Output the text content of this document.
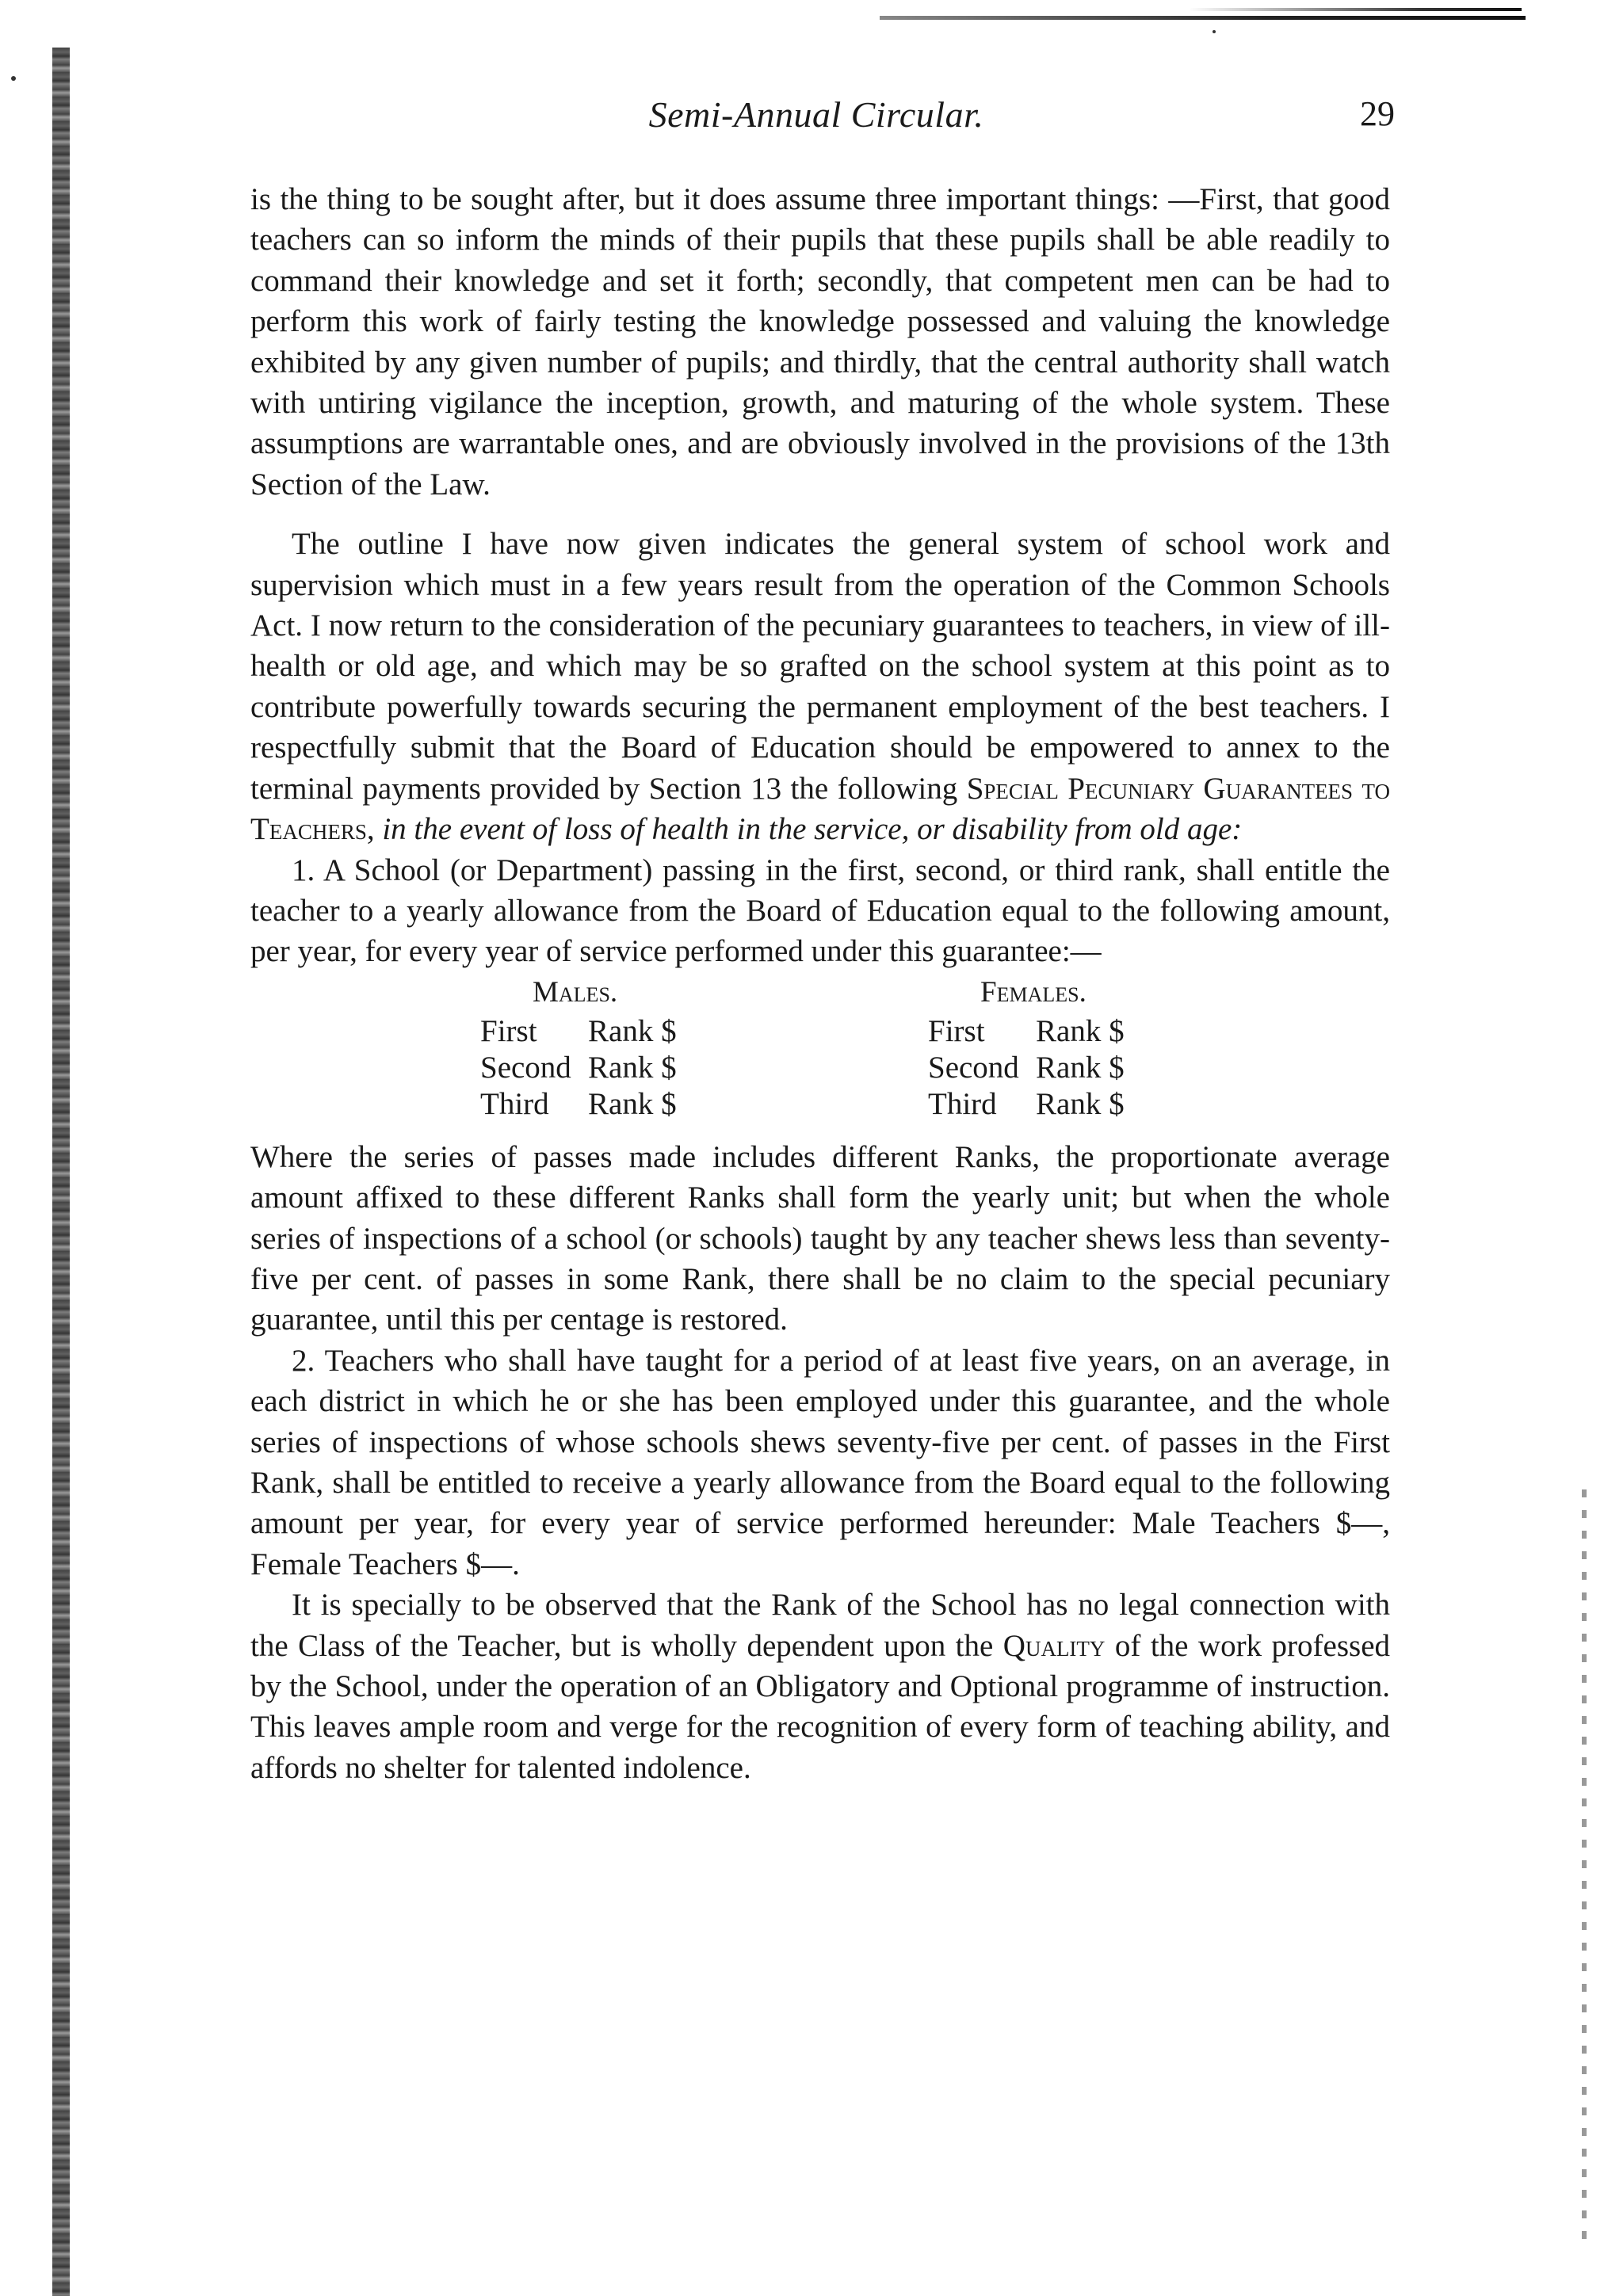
Semi-Annual Circular.	29

is the thing to be sought after, but it does assume three important things: —First, that good teachers can so inform the minds of their pupils that these pupils shall be able readily to command their knowledge and set it forth; secondly, that competent men can be had to perform this work of fairly testing the knowledge possessed and valuing the knowledge exhibited by any given number of pupils; and thirdly, that the central authority shall watch with untiring vigilance the inception, growth, and maturing of the whole system. These assumptions are warrantable ones, and are obviously involved in the provisions of the 13th Section of the Law.

The outline I have now given indicates the general system of school work and supervision which must in a few years result from the operation of the Common Schools Act. I now return to the consideration of the pecuniary guarantees to teachers, in view of ill-health or old age, and which may be so grafted on the school system at this point as to contribute powerfully towards securing the permanent employment of the best teachers. I respectfully submit that the Board of Education should be empowered to annex to the terminal payments provided by Section 13 the following Special Pecuniary Guarantees to Teachers, in the event of loss of health in the service, or disability from old age:

1. A School (or Department) passing in the first, second, or third rank, shall entitle the teacher to a yearly allowance from the Board of Education equal to the following amount, per year, for every year of service performed under this guarantee:—

Males.
First Rank $
Second Rank $
Third Rank $
Females.
First Rank $
Second Rank $
Third Rank $

Where the series of passes made includes different Ranks, the proportionate average amount affixed to these different Ranks shall form the yearly unit; but when the whole series of inspections of a school (or schools) taught by any teacher shews less than seventy-five per cent. of passes in some Rank, there shall be no claim to the special pecuniary guarantee, until this per centage is restored.

2. Teachers who shall have taught for a period of at least five years, on an average, in each district in which he or she has been employed under this guarantee, and the whole series of inspections of whose schools shews seventy-five per cent. of passes in the First Rank, shall be entitled to receive a yearly allowance from the Board equal to the following amount per year, for every year of service performed hereunder: Male Teachers $—, Female Teachers $—.

It is specially to be observed that the Rank of the School has no legal connection with the Class of the Teacher, but is wholly dependent upon the Quality of the work professed by the School, under the operation of an Obligatory and Optional programme of instruction. This leaves ample room and verge for the recognition of every form of teaching ability, and affords no shelter for talented indolence.
